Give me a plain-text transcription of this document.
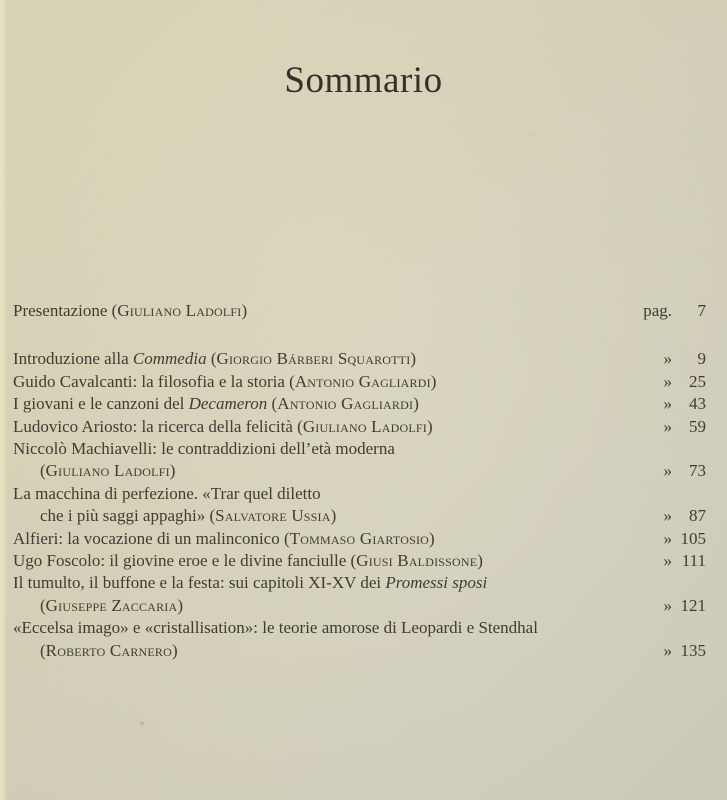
Sommario
Presentazione (Giuliano Ladolfi)	pag.	7
Introduzione alla Commedia (Giorgio Bárberi Squarotti)	»	9
Guido Cavalcanti: la filosofia e la storia (Antonio Gagliardi)	»	25
I giovani e le canzoni del Decameron (Antonio Gagliardi)	»	43
Ludovico Ariosto: la ricerca della felicità (Giuliano Ladolfi)	»	59
Niccolò Machiavelli: le contraddizioni dell’età moderna
(Giuliano Ladolfi)	»	73
La macchina di perfezione. «Trar quel diletto
che i più saggi appaghi» (Salvatore Ussia)	»	87
Alfieri: la vocazione di un malinconico (Tommaso Giartosio)	» 105
Ugo Foscolo: il giovine eroe e le divine fanciulle (Giusi Baldissone)	» 111
Il tumulto, il buffone e la festa: sui capitoli XI-XV dei Promessi sposi
(Giuseppe Zaccaria)	» 121
«Eccelsa imago» e «cristallisation»: le teorie amorose di Leopardi e Stendhal
(Roberto Carnero)	» 135
